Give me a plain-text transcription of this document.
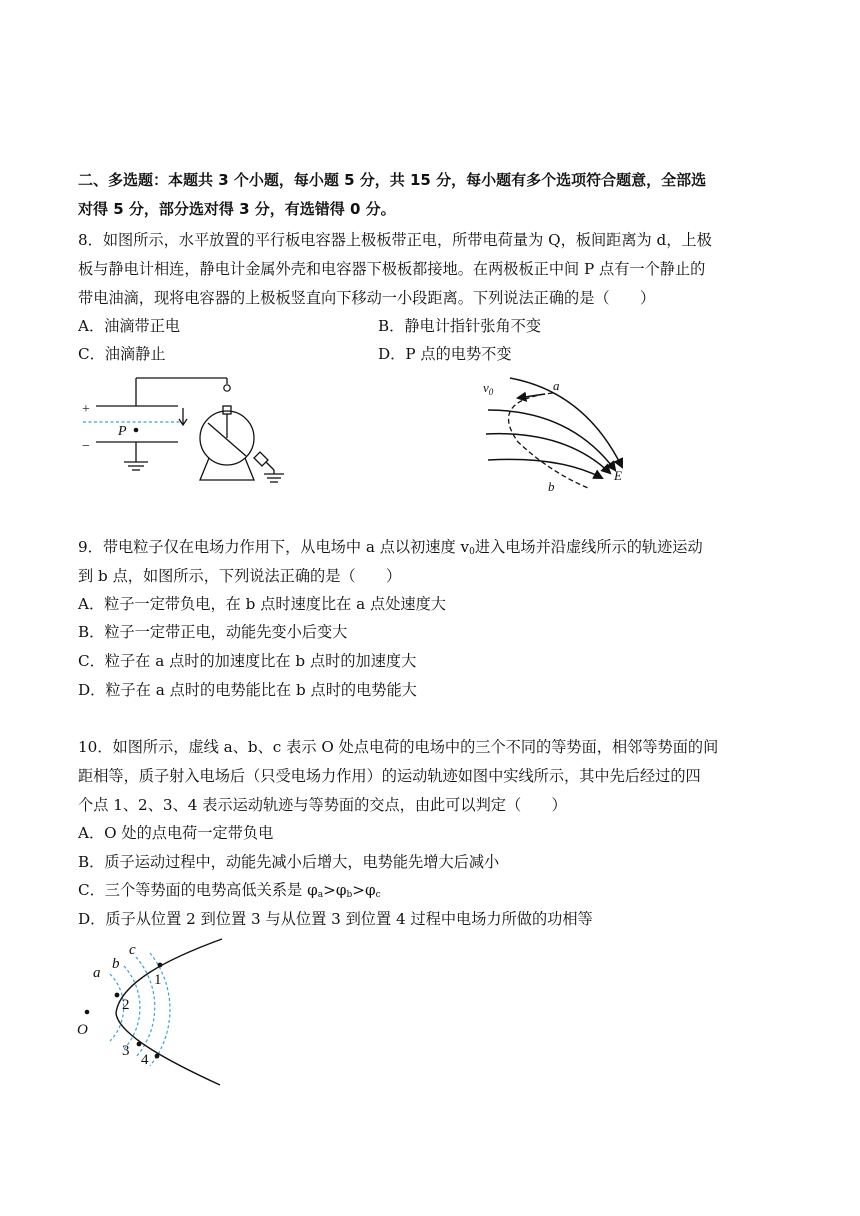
二、多选题：本题共 3 个小题，每小题 5 分，共 15 分，每小题有多个选项符合题意，全部选
对得 5 分，部分选对得 3 分，有选错得 0 分。
8．如图所示，水平放置的平行板电容器上极板带正电，所带电荷量为 Q，板间距离为 d，上极
板与静电计相连，静电计金属外壳和电容器下极板都接地。在两极板正中间 P 点有一个静止的
带电油滴，现将电容器的上极板竖直向下移动一小段距离。下列说法正确的是（　　）
A．油滴带正电	B．静电计指针张角不变
C．油滴静止	D．P 点的电势不变
+
−
P
$v_0$	a
b
E
9．带电粒子仅在电场力作用下，从电场中 a 点以初速度 $v_0$进入电场并沿虚线所示的轨迹运动
到 b 点，如图所示，下列说法正确的是（　　）
A．粒子一定带负电，在 b 点时速度比在 a 点处速度大
B．粒子一定带正电，动能先变小后变大
C．粒子在 a 点时的加速度比在 b 点时的加速度大
D．粒子在 a 点时的电势能比在 b 点时的电势能大
10．如图所示，虚线 a、b、c 表示 O 处点电荷的电场中的三个不同的等势面，相邻等势面的间
距相等，质子射入电场后（只受电场力作用）的运动轨迹如图中实线所示，其中先后经过的四
个点 1、2、3、4 表示运动轨迹与等势面的交点，由此可以判定（　　）
A．O 处的点电荷一定带负电
B．质子运动过程中，动能先减小后增大，电势能先增大后减小
C．三个等势面的电势高低关系是 $\varphi_a>\varphi_b>\varphi_c$
D．质子从位置 2 到位置 3 与从位置 3 到位置 4 过程中电场力所做的功相等
a
b
c
O
1
2
3
4
